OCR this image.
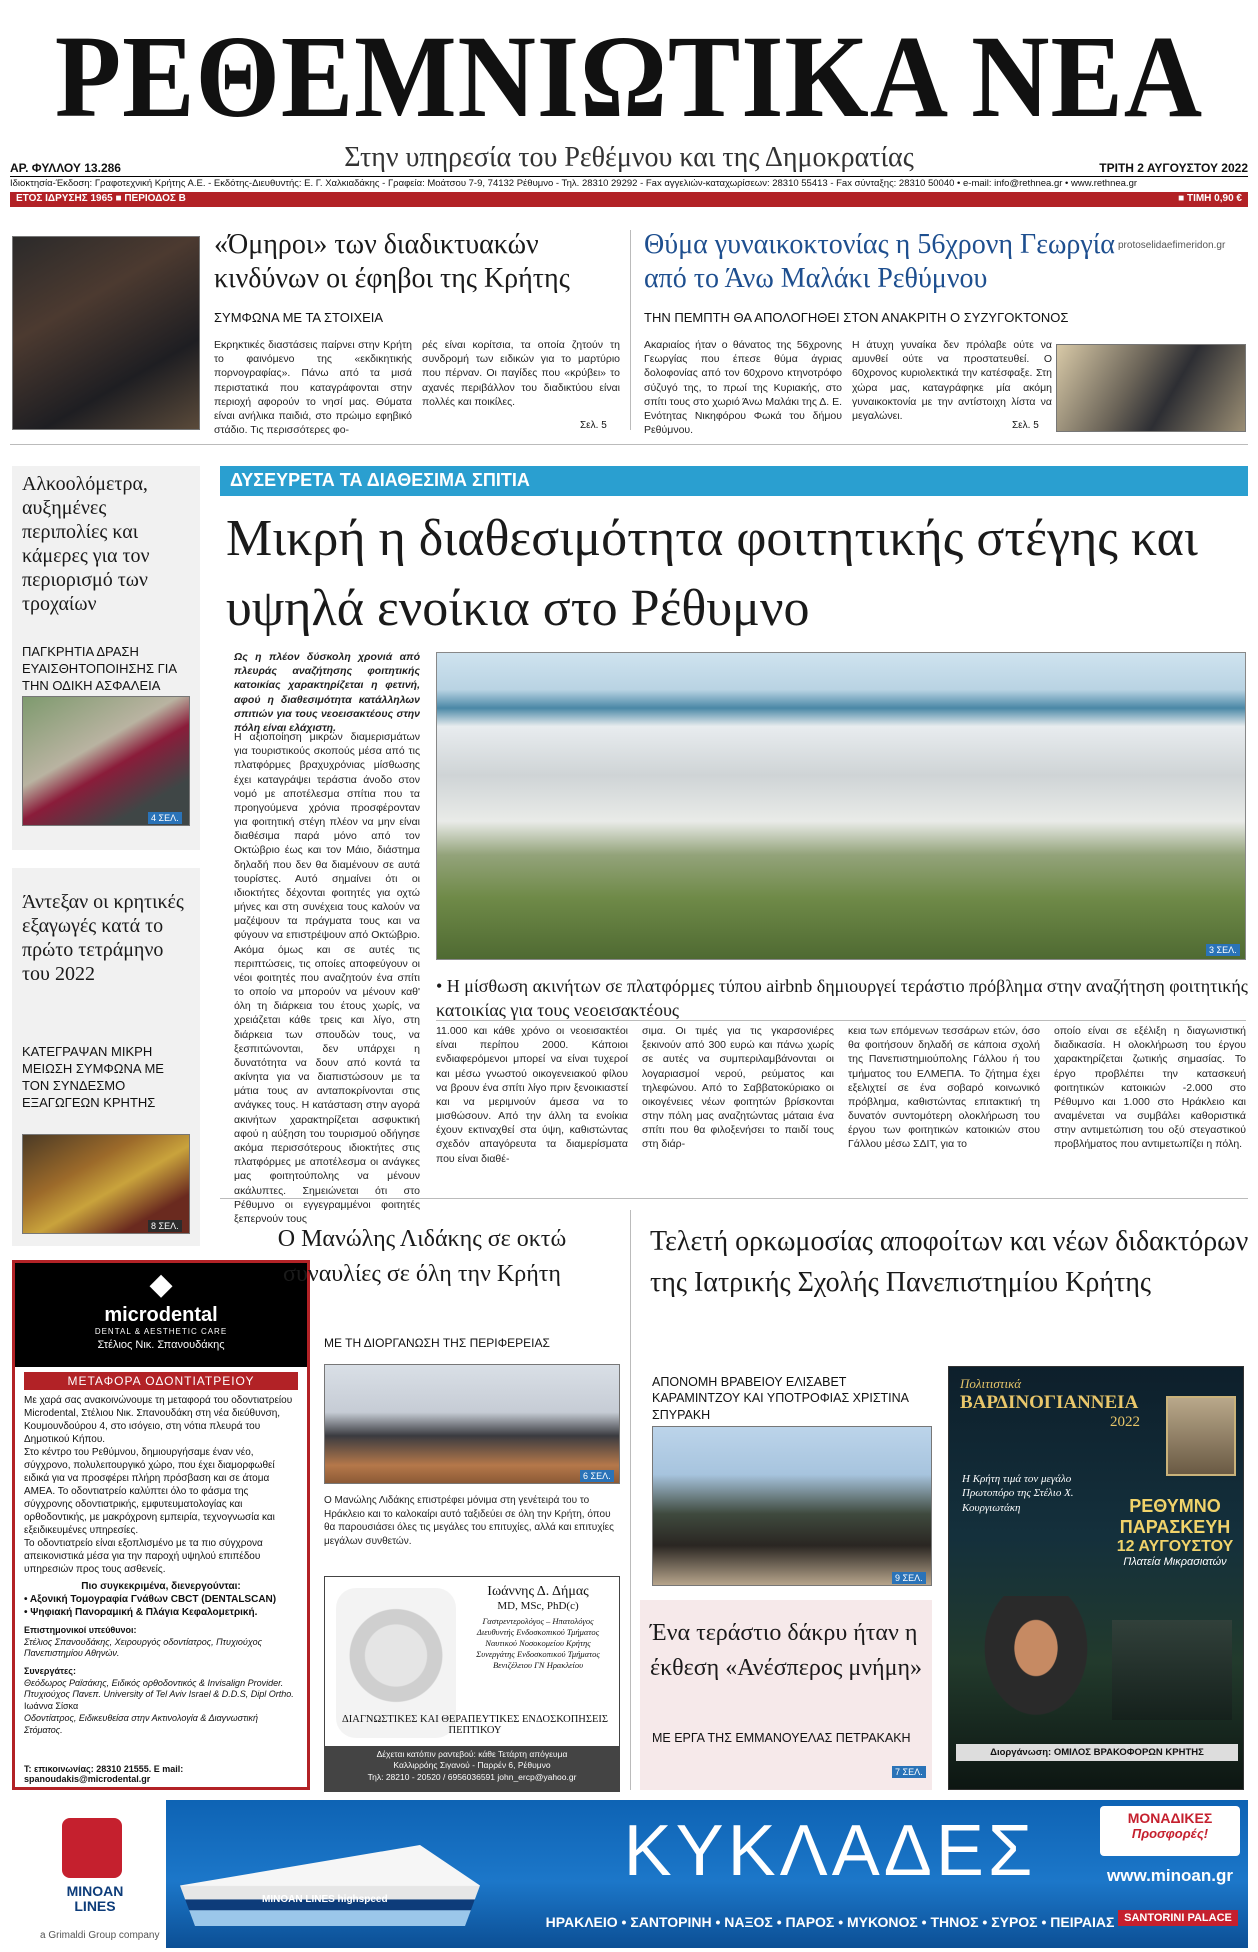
ΡΕΘΕΜΝΙΩΤΙΚΑ ΝΕΑ
Στην υπηρεσία του Ρεθέμνου και της Δημοκρατίας
ΑΡ. ΦΥΛΛΟΥ 13.286	ΤΡΙΤΗ 2 ΑΥΓΟΥΣΤΟΥ 2022
Ιδιοκτησία-Έκδοση: Γραφοτεχνική Κρήτης Α.Ε. - Εκδότης-Διευθυντής: Ε. Γ. Χαλκιαδάκης - Γραφεία: Μοάτσου 7-9, 74132 Ρέθυμνο - Τηλ. 28310 29292 - Fax αγγελιών-καταχωρίσεων: 28310 55413 - Fax σύνταξης: 28310 50040 • e-mail: info@rethnea.gr • www.rethnea.gr
ΕΤΟΣ ΙΔΡΥΣΗΣ 1965 ■ ΠΕΡΙΟΔΟΣ Β	■ ΤΙΜΗ 0,90 €
«Όμηροι» των διαδικτυακών κινδύνων οι έφηβοι της Κρήτης
ΣΥΜΦΩΝΑ ΜΕ ΤΑ ΣΤΟΙΧΕΙΑ
Εκρηκτικές διαστάσεις παίρνει στην Κρήτη το φαινόμενο της «εκδικητικής πορνογραφίας». Πάνω από τα μισά περιστατικά που καταγράφονται στην περιοχή αφορούν το νησί μας. Θύματα είναι ανήλικα παιδιά, στο πρώιμο εφηβικό στάδιο. Τις περισσότερες φο-
ρές είναι κορίτσια, τα οποία ζητούν τη συνδρομή των ειδικών για το μαρτύριο που πέρναν. Οι παγίδες που «κρύβει» το αχανές περιβάλλον του διαδικτύου είναι πολλές και ποικίλες.
Σελ. 5
Θύμα γυναικοκτονίας η 56χρονη Γεωργία από το Άνω Μαλάκι Ρεθύμνου
protoselidaefimeridon.gr
ΤΗΝ ΠΕΜΠΤΗ ΘΑ ΑΠΟΛΟΓΗΘΕΙ ΣΤΟΝ ΑΝΑΚΡΙΤΗ Ο ΣΥΖΥΓΟΚΤΟΝΟΣ
Ακαριαίος ήταν ο θάνατος της 56χρονης Γεωργίας που έπεσε θύμα άγριας δολοφονίας από τον 60χρονο κτηνοτρόφο σύζυγό της, το πρωί της Κυριακής, στο σπίτι τους στο χωριό Άνω Μαλάκι της Δ. Ε. Ενότητας Νικηφόρου Φωκά του δήμου Ρεθύμνου.
Η άτυχη γυναίκα δεν πρόλαβε ούτε να αμυνθεί ούτε να προστατευθεί. Ο 60χρονος κυριολεκτικά την κατέσφαξε. Στη χώρα μας, καταγράφηκε μία ακόμη γυναικοκτονία με την αντίστοιχη λίστα να μεγαλώνει.
Σελ. 5
Αλκοολόμετρα, αυξημένες περιπολίες και κάμερες για τον περιορισμό των τροχαίων
ΠΑΓΚΡΗΤΙΑ ΔΡΑΣΗ ΕΥΑΙΣΘΗΤΟΠΟΙΗΣΗΣ ΓΙΑ ΤΗΝ ΟΔΙΚΗ ΑΣΦΑΛΕΙΑ
4 ΣΕΛ.
Άντεξαν οι κρητικές εξαγωγές κατά το πρώτο τετράμηνο του 2022
ΚΑΤΕΓΡΑΨΑΝ ΜΙΚΡΗ ΜΕΙΩΣΗ ΣΥΜΦΩΝΑ ΜΕ ΤΟΝ ΣΥΝΔΕΣΜΟ ΕΞΑΓΩΓΕΩΝ ΚΡΗΤΗΣ
8 ΣΕΛ.
ΔΥΣΕΥΡΕΤΑ ΤΑ ΔΙΑΘΕΣΙΜΑ ΣΠΙΤΙΑ
Μικρή η διαθεσιμότητα φοιτητικής στέγης και υψηλά ενοίκια στο Ρέθυμνο
Ως η πλέον δύσκολη χρονιά από πλευράς αναζήτησης φοιτητικής κατοικίας χαρακτηρίζεται η φετινή, αφού η διαθεσιμότητα κατάλληλων σπιτιών για τους νεοεισακτέους στην πόλη είναι ελάχιστη.
Η αξιοποίηση μικρών διαμερισμάτων για τουριστικούς σκοπούς μέσα από τις πλατφόρμες βραχυχρόνιας μίσθωσης έχει καταγράψει τεράστια άνοδο στον νομό με αποτέλεσμα σπίτια που τα προηγούμενα χρόνια προσφέρονταν για φοιτητική στέγη πλέον να μην είναι διαθέσιμα παρά μόνο από τον Οκτώβριο έως και τον Μάιο, διάστημα δηλαδή που δεν θα διαμένουν σε αυτά τουρίστες. Αυτό σημαίνει ότι οι ιδιοκτήτες δέχονται φοιτητές για οχτώ μήνες και στη συνέχεια τους καλούν να μαζέψουν τα πράγματα τους και να φύγουν να επιστρέψουν από Οκτώβριο. Ακόμα όμως και σε αυτές τις περιπτώσεις, τις οποίες αποφεύγουν οι νέοι φοιτητές που αναζητούν ένα σπίτι το οποίο να μπορούν να μένουν καθ' όλη τη διάρκεια του έτους χωρίς, να χρειάζεται κάθε τρεις και λίγο, στη διάρκεια των σπουδών τους, να ξεσπιτώνονται, δεν υπάρχει η δυνατότητα να δουν από κοντά τα ακίνητα για να διαπιστώσουν με τα μάτια τους αν ανταποκρίνονται στις ανάγκες τους. Η κατάσταση στην αγορά ακινήτων χαρακτηρίζεται ασφυκτική αφού η αύξηση του τουρισμού οδήγησε ακόμα περισσότερους ιδιοκτήτες στις πλατφόρμες με αποτέλεσμα οι ανάγκες μας φοιτητούπολης να μένουν ακάλυπτες. Σημειώνεται ότι στο Ρέθυμνο οι εγγεγραμμένοι φοιτητές ξεπερνούν τους
3 ΣΕΛ.
• Η μίσθωση ακινήτων σε πλατφόρμες τύπου airbnb δημιουργεί τεράστιο πρόβλημα στην αναζήτηση φοιτητικής κατοικίας για τους νεοεισακτέους
11.000 και κάθε χρόνο οι νεοεισακτέοι είναι περίπου 2000. Κάποιοι ενδιαφερόμενοι μπορεί να είναι τυχεροί και μέσω γνωστού οικογενειακού φίλου να βρουν ένα σπίτι λίγο πριν ξενοικιαστεί και να μεριμνούν άμεσα να το μισθώσουν. Από την άλλη τα ενοίκια έχουν εκτιναχθεί στα ύψη, καθιστώντας σχεδόν απαγόρευτα τα διαμερίσματα που είναι διαθέ-
σιμα. Οι τιμές για τις γκαρσονιέρες ξεκινούν από 300 ευρώ και πάνω χωρίς σε αυτές να συμπεριλαμβάνονται οι λογαριασμοί νερού, ρεύματος και τηλεφώνου. Από το Σαββατοκύριακο οι οικογένειες νέων φοιτητών βρίσκονται στην πόλη μας αναζητώντας μάταια ένα σπίτι που θα φιλοξενήσει το παιδί τους στη διάρ-
κεια των επόμενων τεσσάρων ετών, όσο θα φοιτήσουν δηλαδή σε κάποια σχολή της Πανεπιστημιούπολης Γάλλου ή του τμήματος του ΕΛΜΕΠΑ. Το ζήτημα έχει εξελιχτεί σε ένα σοβαρό κοινωνικό πρόβλημα, καθιστώντας επιτακτική τη δυνατόν συντομότερη ολοκλήρωση του έργου των φοιτητικών κατοικιών στου Γάλλου μέσω ΣΔΙΤ, για το
οποίο είναι σε εξέλιξη η διαγωνιστική διαδικασία. Η ολοκλήρωση του έργου χαρακτηρίζεται ζωτικής σημασίας. Το έργο προβλέπει την κατασκευή φοιτητικών κατοικιών -2.000 στο Ρέθυμνο και 1.000 στο Ηράκλειο και αναμένεται να συμβάλει καθοριστικά στην αντιμετώπιση του οξύ στεγαστικού προβλήματος που αντιμετωπίζει η πόλη.
◆
microdental
DENTAL & AESTHETIC CARE
Στέλιος Νικ. Σπανουδάκης
ΜΕΤΑΦΟΡΑ ΟΔΟΝΤΙΑΤΡΕΙΟΥ
Με χαρά σας ανακοινώνουμε τη μεταφορά του οδοντιατρείου Microdental, Στέλιου Νικ. Σπανουδάκη στη νέα διεύθυνση, Κουμουνδούρου 4, στο ισόγειο, στη νότια πλευρά του Δημοτικού Κήπου.
Στο κέντρο του Ρεθύμνου, δημιουργήσαμε έναν νέο, σύγχρονο, πολυλειτουργικό χώρο, που έχει διαμορφωθεί ειδικά για να προσφέρει πλήρη πρόσβαση και σε άτομα ΑΜΕΑ. Το οδοντιατρείο καλύπτει όλο το φάσμα της σύγχρονης οδοντιατρικής, εμφυτευματολογίας και ορθοδοντικής, με μακρόχρονη εμπειρία, τεχνογνωσία και εξειδικευμένες υπηρεσίες.
Το οδοντιατρείο είναι εξοπλισμένο με τα πιο σύγχρονα απεικονιστικά μέσα για την παροχή υψηλού επιπέδου υπηρεσιών προς τους ασθενείς.
Πιο συγκεκριμένα, διενεργούνται:
• Αξονική Τομογραφία Γνάθων CBCT (DENTALSCAN)
• Ψηφιακή Πανοραμική & Πλάγια Κεφαλομετρική.
Επιστημονικοί υπεύθυνοι:
Στέλιος Σπανουδάκης, Χειρουργός οδοντίατρος, Πτυχιούχος Πανεπιστημίου Αθηνών.
Συνεργάτες:
Θεόδωρος Ραϊσάκης, Ειδικός ορθοδοντικός & Invisalign Provider. Πτυχιούχος Πανεπ. University of Tel Aviv Israel & D.D.S, Dipl Ortho.
Ιωάννα Σίσκα
Οδοντίατρος, Ειδικευθείσα στην Ακτινολογία & Διαγνωστική Στόματος.
Τ: επικοινωνίας: 28310 21555. E mail: spanoudakis@microdental.gr
Ο Μανώλης Λιδάκης σε οκτώ συναυλίες σε όλη την Κρήτη
ΜΕ ΤΗ ΔΙΟΡΓΑΝΩΣΗ ΤΗΣ ΠΕΡΙΦΕΡΕΙΑΣ
6 ΣΕΛ.
Ο Μανώλης Λιδάκης επιστρέφει μόνιμα στη γενέτειρά του το Ηράκλειο και το καλοκαίρι αυτό ταξιδεύει σε όλη την Κρήτη, όπου θα παρουσιάσει όλες τις μεγάλες του επιτυχίες, αλλά και επιτυχίες μεγάλων συνθετών.
Ιωάννης Δ. Δήμας
MD, MSc, PhD(c)
Γαστρεντερολόγος – Ηπατολόγος
Διευθυντής Ενδοσκοπικού Τμήματος
Ναυτικού Νοσοκομείου Κρήτης
Συνεργάτης Ενδοσκοπικού Τμήματος
Βενιζέλειου ΓΝ Ηρακλείου
ΔΙΑΓΝΩΣΤΙΚΕΣ ΚΑΙ ΘΕΡΑΠΕΥΤΙΚΕΣ ΕΝΔΟΣΚΟΠΗΣΕΙΣ ΠΕΠΤΙΚΟΥ
Δέχεται κατόπιν ραντεβού: κάθε Τετάρτη απόγευμα
Καλλιρρόης Σιγανού - Παρρέν 6, Ρέθυμνο
Τηλ: 28210 - 20520 / 6956036591 john_ercp@yahoo.gr
Τελετή ορκωμοσίας αποφοίτων και νέων διδακτόρων της Ιατρικής Σχολής Πανεπιστημίου Κρήτης
ΑΠΟΝΟΜΗ ΒΡΑΒΕΙΟΥ ΕΛΙΣΑΒΕΤ ΚΑΡΑΜΙΝΤΖΟΥ ΚΑΙ ΥΠΟΤΡΟΦΙΑΣ ΧΡΙΣΤΙΝΑ ΣΠΥΡΑΚΗ
9 ΣΕΛ.
Ένα τεράστιο δάκρυ ήταν η έκθεση «Ανέσπερος μνήμη»
ΜΕ ΕΡΓΑ ΤΗΣ ΕΜΜΑΝΟΥΕΛΑΣ ΠΕΤΡΑΚΑΚΗ
7 ΣΕΛ.
Πολιτιστικά
ΒΑΡΔΙΝΟΓΙΑΝΝΕΙΑ
2022
Η Κρήτη τιμά τον μεγάλο Πρωτοπόρο της Στέλιο Χ. Κουργιωτάκη	ΡΕΘΥΜΝΟ
ΠΑΡΑΣΚΕΥΗ
12 ΑΥΓΟΥΣΤΟΥ
Πλατεία Μικρασιατών
Διοργάνωση: ΟΜΙΛΟΣ ΒΡΑΚΟΦΟΡΩΝ ΚΡΗΤΗΣ
MINOAN
LINES
a Grimaldi Group company
MINOAN LINES highspeed
ΚΥΚΛΑΔΕΣ
ΗΡΑΚΛΕΙΟ • ΣΑΝΤΟΡΙΝΗ • ΝΑΞΟΣ • ΠΑΡΟΣ • ΜΥΚΟΝΟΣ • ΤΗΝΟΣ • ΣΥΡΟΣ • ΠΕΙΡΑΙΑΣ
ΜΟΝΑΔΙΚΕΣ
Προσφορές!
www.minoan.gr
SANTORINI PALACE
